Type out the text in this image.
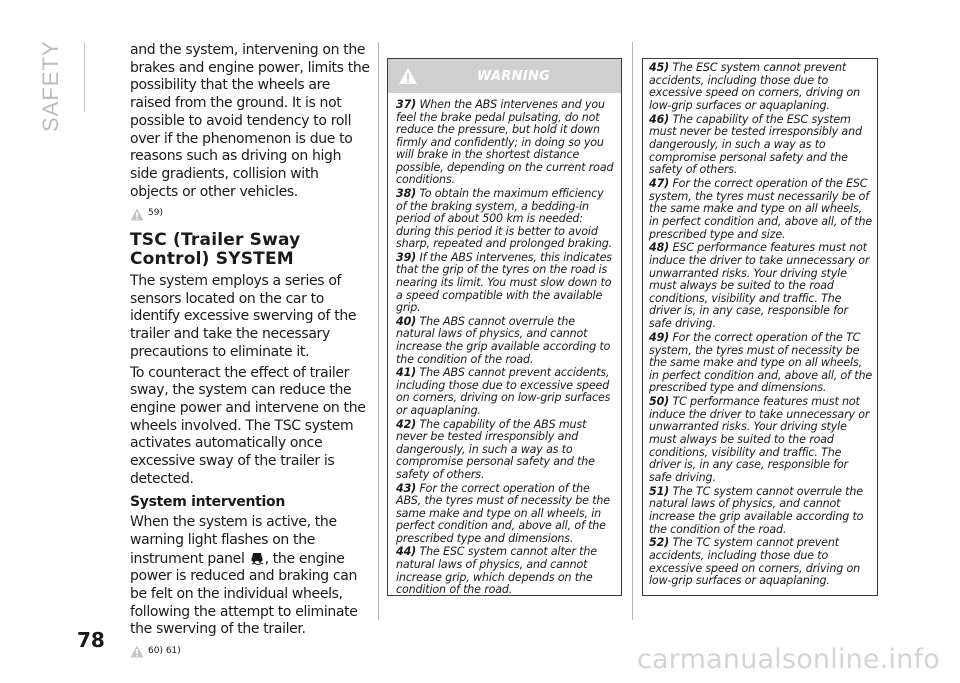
SAFETY	and the system, intervening on the brakes and engine power, limits the possibility that the wheels are raised from the ground. It is not possible to avoid tendency to roll over if the phenomenon is due to reasons such as driving on high side gradients, collision with objects or other vehicles.

59)
TSC (Trailer Sway
Control) SYSTEM

The system employs a series of sensors located on the car to identify excessive swerving of the trailer and take the necessary precautions to eliminate it.

To counteract the effect of trailer sway, the system can reduce the engine power and intervene on the wheels involved. The TSC system activates automatically once excessive sway of the trailer is detected.

System intervention

When the system is active, the warning light flashes on the instrument panel , the engine power is reduced and braking can be felt on the individual wheels, following the attempt to eliminate the swerving of the trailer.

60) 61)
WARNING

37) When the ABS intervenes and you feel the brake pedal pulsating, do not reduce the pressure, but hold it down firmly and confidently; in doing so you will brake in the shortest distance possible, depending on the current road conditions.

38) To obtain the maximum efficiency of the braking system, a bedding-in period of about 500 km is needed: during this period it is better to avoid sharp, repeated and prolonged braking.

39) If the ABS intervenes, this indicates that the grip of the tyres on the road is nearing its limit. You must slow down to a speed compatible with the available grip.

40) The ABS cannot overrule the natural laws of physics, and cannot increase the grip available according to the condition of the road.

41) The ABS cannot prevent accidents, including those due to excessive speed on corners, driving on low-grip surfaces or aquaplaning.

42) The capability of the ABS must never be tested irresponsibly and dangerously, in such a way as to compromise personal safety and the safety of others.

43) For the correct operation of the ABS, the tyres must of necessity be the same make and type on all wheels, in perfect condition and, above all, of the prescribed type and dimensions.

44) The ESC system cannot alter the natural laws of physics, and cannot increase grip, which depends on the condition of the road.

45) The ESC system cannot prevent accidents, including those due to excessive speed on corners, driving on low-grip surfaces or aquaplaning.

46) The capability of the ESC system must never be tested irresponsibly and dangerously, in such a way as to compromise personal safety and the safety of others.

47) For the correct operation of the ESC system, the tyres must necessarily be of the same make and type on all wheels, in perfect condition and, above all, of the prescribed type and size.

48) ESC performance features must not induce the driver to take unnecessary or unwarranted risks. Your driving style must always be suited to the road conditions, visibility and traffic. The driver is, in any case, responsible for safe driving.

49) For the correct operation of the TC system, the tyres must of necessity be the same make and type on all wheels, in perfect condition and, above all, of the prescribed type and dimensions.

50) TC performance features must not induce the driver to take unnecessary or unwarranted risks. Your driving style must always be suited to the road conditions, visibility and traffic. The driver is, in any case, responsible for safe driving.

51) The TC system cannot overrule the natural laws of physics, and cannot increase the grip available according to the condition of the road.

52) The TC system cannot prevent accidents, including those due to excessive speed on corners, driving on low-grip surfaces or aquaplaning.

78
carmanualsonline.info
